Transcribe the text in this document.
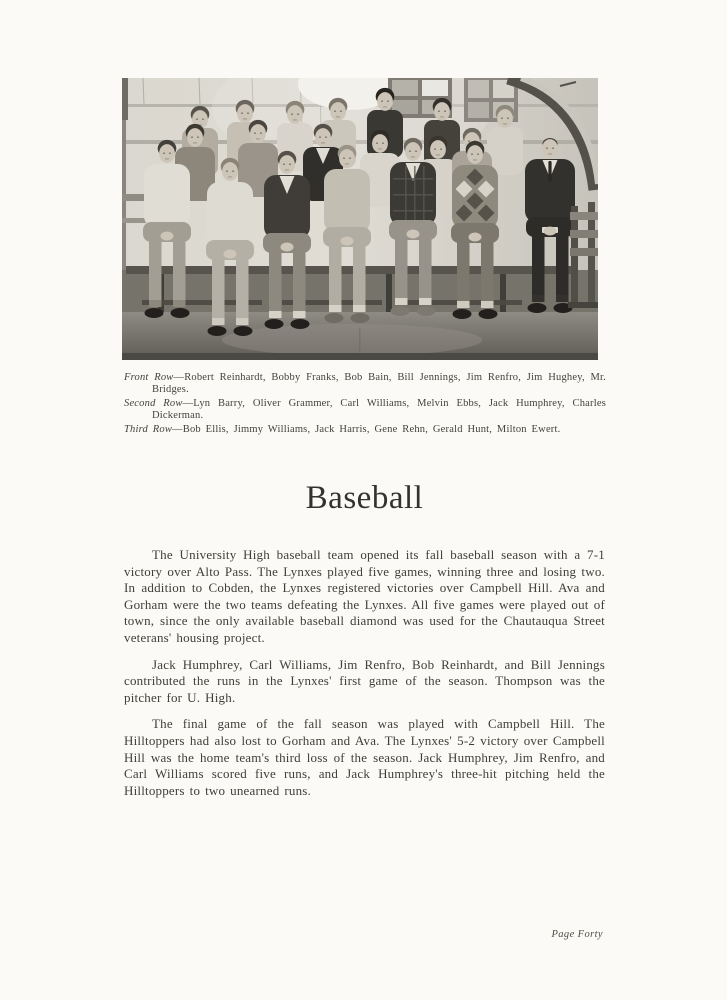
Front Row—Robert Reinhardt, Bobby Franks, Bob Bain, Bill Jennings, Jim Renfro, Jim Hughey, Mr. Bridges.

Second Row—Lyn Barry, Oliver Grammer, Carl Williams, Melvin Ebbs, Jack Humphrey, Charles Dickerman.

Third Row—Bob Ellis, Jimmy Williams, Jack Harris, Gene Rehn, Gerald Hunt, Milton Ewert.

Baseball

The University High baseball team opened its fall baseball season with a 7-1 victory over Alto Pass. The Lynxes played five games, winning three and losing two. In addition to Cobden, the Lynxes registered victories over Campbell Hill. Ava and Gorham were the two teams defeating the Lynxes. All five games were played out of town, since the only available baseball diamond was used for the Chautauqua Street veterans' housing project.

Jack Humphrey, Carl Williams, Jim Renfro, Bob Reinhardt, and Bill Jennings contributed the runs in the Lynxes' first game of the season. Thompson was the pitcher for U. High.

The final game of the fall season was played with Campbell Hill. The Hilltoppers had also lost to Gorham and Ava. The Lynxes' 5-2 victory over Campbell Hill was the home team's third loss of the season. Jack Humphrey, Jim Renfro, and Carl Williams scored five runs, and Jack Humphrey's three-hit pitching held the Hilltoppers to two unearned runs.

Page Forty
